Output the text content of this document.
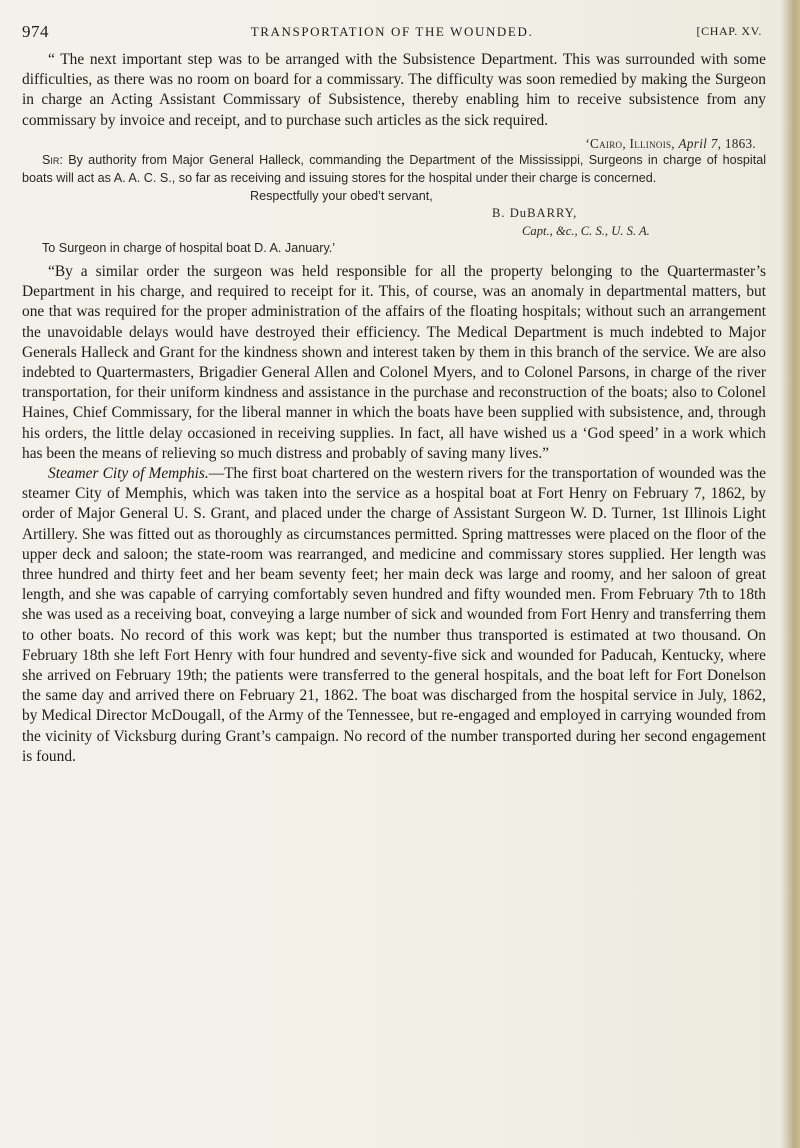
974	TRANSPORTATION OF THE WOUNDED.	[CHAP. XV.

“ The next important step was to be arranged with the Subsistence Department. This was surrounded with some difficulties, as there was no room on board for a commissary. The difficulty was soon remedied by making the Surgeon in charge an Acting Assistant Commissary of Subsistence, thereby enabling him to receive subsistence from any commissary by invoice and receipt, and to purchase such articles as the sick required.

‘Cairo, Illinois, April 7, 1863.
Sir: By authority from Major General Halleck, commanding the Department of the Mississippi, Surgeons in charge of hospital boats will act as A. A. C. S., so far as receiving and issuing stores for the hospital under their charge is concerned.
Respectfully your obed’t servant,
B. DuBARRY,
Capt., &c., C. S., U. S. A.
To Surgeon in charge of hospital boat D. A. January.’

“By a similar order the surgeon was held responsible for all the property belonging to the Quartermaster’s Department in his charge, and required to receipt for it. This, of course, was an anomaly in departmental matters, but one that was required for the proper administration of the affairs of the floating hospitals; without such an arrangement the unavoidable delays would have destroyed their efficiency. The Medical Department is much indebted to Major Generals Halleck and Grant for the kindness shown and interest taken by them in this branch of the service. We are also indebted to Quartermasters, Brigadier General Allen and Colonel Myers, and to Colonel Parsons, in charge of the river transportation, for their uniform kindness and assistance in the purchase and reconstruction of the boats; also to Colonel Haines, Chief Commissary, for the liberal manner in which the boats have been supplied with subsistence, and, through his orders, the little delay occasioned in receiving supplies. In fact, all have wished us a ‘God speed’ in a work which has been the means of relieving so much distress and probably of saving many lives.”

Steamer City of Memphis.—The first boat chartered on the western rivers for the transportation of wounded was the steamer City of Memphis, which was taken into the service as a hospital boat at Fort Henry on February 7, 1862, by order of Major General U. S. Grant, and placed under the charge of Assistant Surgeon W. D. Turner, 1st Illinois Light Artillery. She was fitted out as thoroughly as circumstances permitted. Spring mattresses were placed on the floor of the upper deck and saloon; the state-room was rearranged, and medicine and commissary stores supplied. Her length was three hundred and thirty feet and her beam seventy feet; her main deck was large and roomy, and her saloon of great length, and she was capable of carrying comfortably seven hundred and fifty wounded men. From February 7th to 18th she was used as a receiving boat, conveying a large number of sick and wounded from Fort Henry and transferring them to other boats. No record of this work was kept; but the number thus transported is estimated at two thousand. On February 18th she left Fort Henry with four hundred and seventy-five sick and wounded for Paducah, Kentucky, where she arrived on February 19th; the patients were transferred to the general hospitals, and the boat left for Fort Donelson the same day and arrived there on February 21, 1862. The boat was discharged from the hospital service in July, 1862, by Medical Director McDougall, of the Army of the Tennessee, but re-engaged and employed in carrying wounded from the vicinity of Vicksburg during Grant’s campaign. No record of the number transported during her second engagement is found.
